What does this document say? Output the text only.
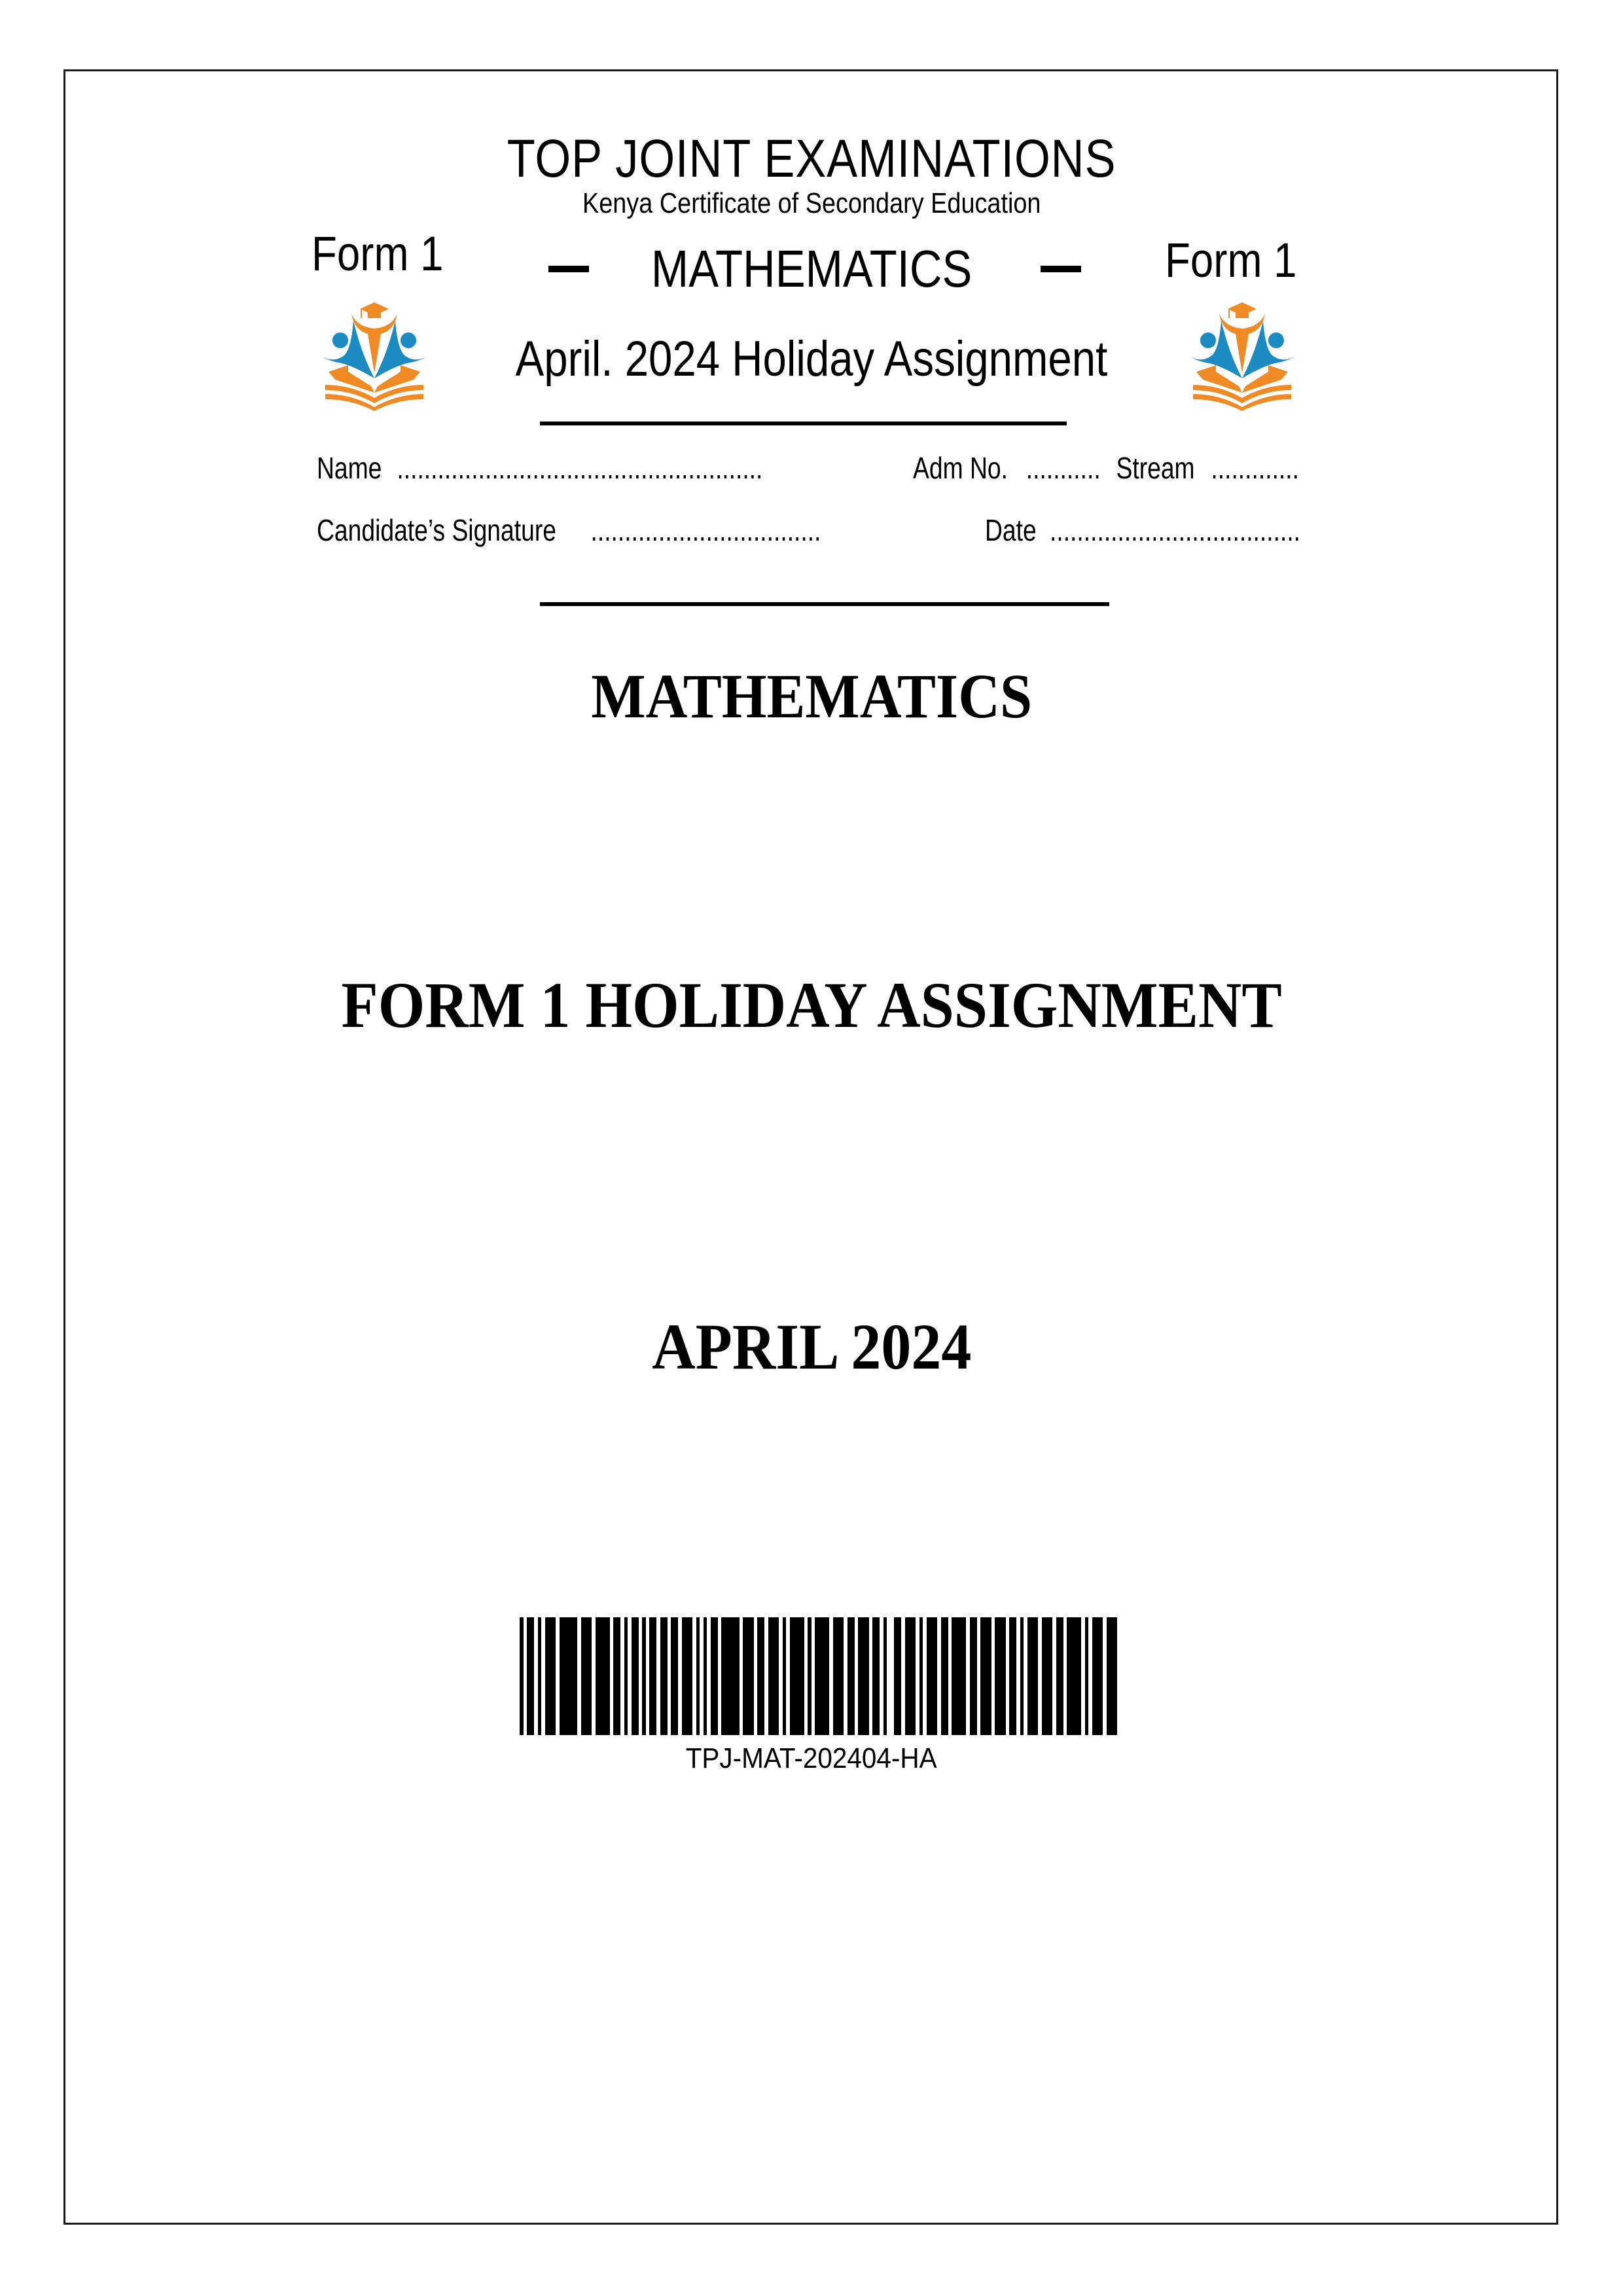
TOP JOINT EXAMINATIONS
Kenya Certificate of Secondary Education
Form 1	Form 1
MATHEMATICS
April. 2024 Holiday Assignment
Name ......................................................	Adm No. ........... Stream .............
Candidate’s Signature ..................................	Date .....................................
MATHEMATICS
FORM 1 HOLIDAY ASSIGNMENT
APRIL 2024
TPJ-MAT-202404-HA
